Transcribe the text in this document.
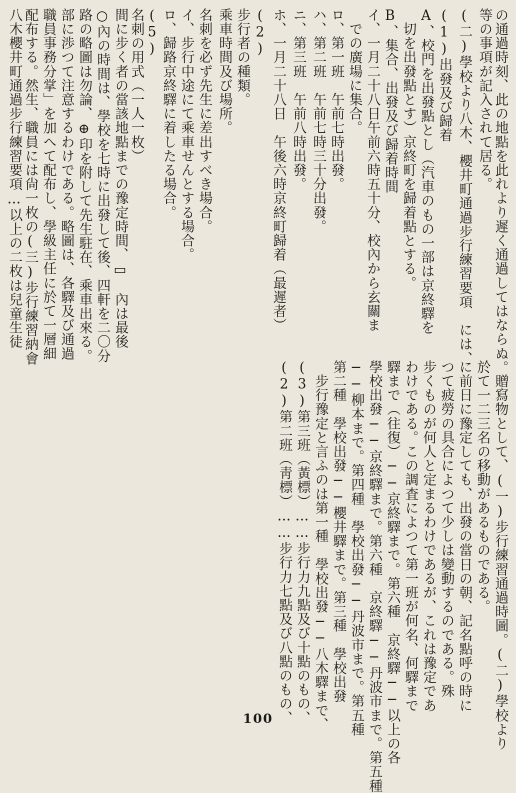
の通過時刻、此の地點を此れより遲く通過してはならぬ。
等の事項が記入されて居る。
(二)學校より八木、櫻井町通過步行練習要項　には、
(1)出發及び歸着
A、校門を出發點とし（汽車のもの一部は京終驛を
　切を出發點とす）京終町を歸着點とする。
B、集合、出發及び歸着時間
イ、一月二十八日午前六時五十分、校內から玄關ま
　での廣場に集合。
ロ、第一班　午前七時出發。
ハ、第二班　午前七時三十分出發。
ニ、第三班　午前八時出發。
ホ、一月二十八日　午後六時京終町歸着（最遲者）
(2)
步行者の種類。
乘車時間及び場所。
名刺を必ず先生に差出すべき場合。
イ、步行中途にて乘車せんとする場合。
ロ、歸路京終驛に着したる場合。
(5)
名刺の用式（一人一枚）
間に步く者の當該地點までの豫定時間、▭　內は最後
○內の時間は、學校を七時に出發して後、四軒を二〇分
路の略圖は勿論、⊕印を附して先生駐在、乘車出來る。
部に渉つて注意するわけである。略圖は、各驛及び通過
職員事務分掌」を加へて配布し、學級主任に於て一層細
配布する。然生、職員には尙一枚の(三)步行練習納會
八木櫻井町通過步行練習要項…以上の二枚は兒童生徒
　贈寫物として、(一)步行練習通過時圖。(二)學校より
於て一二三名の移動があるものである。
に前日に豫定しても、出發の當日の朝、記名點呼の時に
つて疲勞の具合によつて少しは變動するのである。殊
步くものが何人と定まるわけであるが、これは豫定であ
わけである。この調査によつて第一班が何名、何驛まで
驛まで（往復）──京終驛まで。第六種　京終驛──以上の各
學校出發──京終驛まで。第六種　京終驛──丹波市まで。第五種
──柳本まで。第四種　學校出發──丹波市まで。第五種
第二種　學校出發──櫻井驛まで。第三種　學校出發
　步行豫定と言ふのは第一種　學校出發──八木驛まで、
(3)第三班（黃標）……步行力九點及び十點のもの、
(2)第二班（靑標）……步行力七點及び八點のもの、
100
